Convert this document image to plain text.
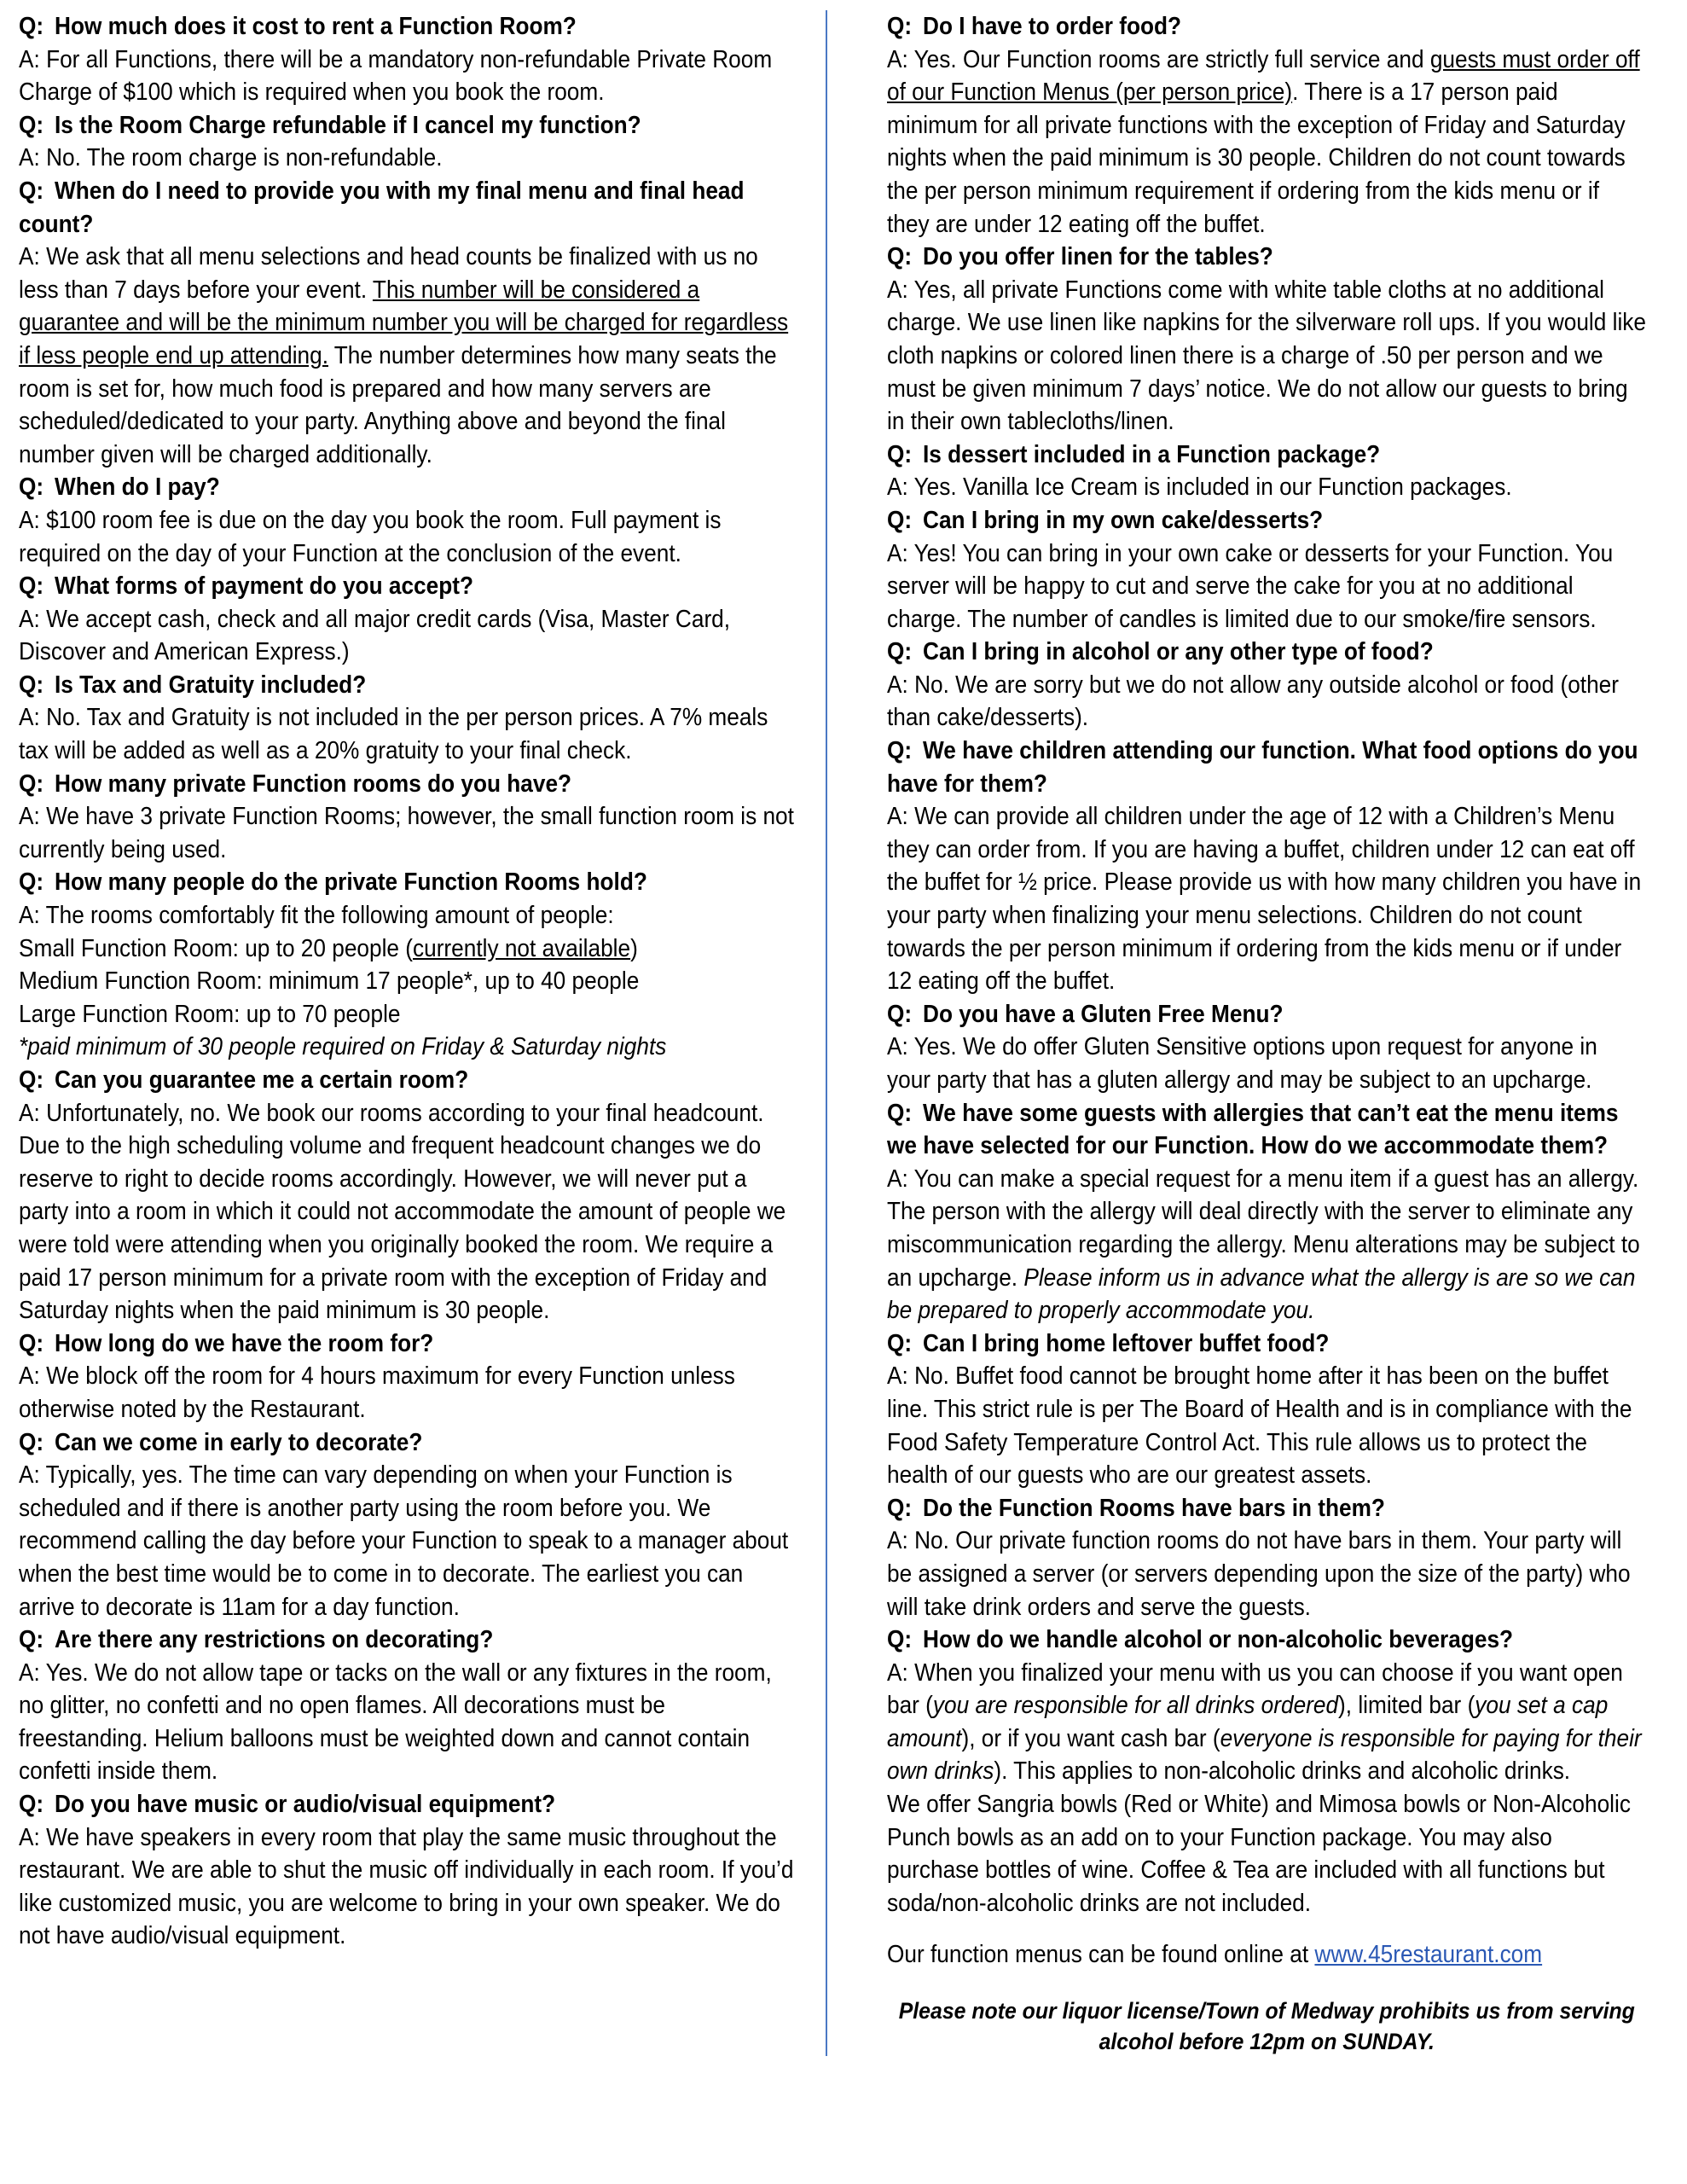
Q: How much does it cost to rent a Function Room?
A: For all Functions, there will be a mandatory non-refundable Private Room Charge of $100 which is required when you book the room.
Q: Is the Room Charge refundable if I cancel my function?
A: No. The room charge is non-refundable.
Q: When do I need to provide you with my final menu and final head count?
A: We ask that all menu selections and head counts be finalized with us no less than 7 days before your event. This number will be considered a guarantee and will be the minimum number you will be charged for regardless if less people end up attending. The number determines how many seats the room is set for, how much food is prepared and how many servers are scheduled/dedicated to your party. Anything above and beyond the final number given will be charged additionally.
Q: When do I pay?
A: $100 room fee is due on the day you book the room. Full payment is required on the day of your Function at the conclusion of the event.
Q: What forms of payment do you accept?
A: We accept cash, check and all major credit cards (Visa, Master Card, Discover and American Express.)
Q: Is Tax and Gratuity included?
A: No. Tax and Gratuity is not included in the per person prices. A 7% meals tax will be added as well as a 20% gratuity to your final check.
Q: How many private Function rooms do you have?
A: We have 3 private Function Rooms; however, the small function room is not currently being used.
Q: How many people do the private Function Rooms hold?
A: The rooms comfortably fit the following amount of people:
Small Function Room: up to 20 people (currently not available)
Medium Function Room: minimum 17 people*, up to 40 people
Large Function Room: up to 70 people
*paid minimum of 30 people required on Friday & Saturday nights
Q: Can you guarantee me a certain room?
A: Unfortunately, no. We book our rooms according to your final headcount. Due to the high scheduling volume and frequent headcount changes we do reserve to right to decide rooms accordingly. However, we will never put a party into a room in which it could not accommodate the amount of people we were told were attending when you originally booked the room. We require a paid 17 person minimum for a private room with the exception of Friday and Saturday nights when the paid minimum is 30 people.
Q: How long do we have the room for?
A: We block off the room for 4 hours maximum for every Function unless otherwise noted by the Restaurant.
Q: Can we come in early to decorate?
A: Typically, yes. The time can vary depending on when your Function is scheduled and if there is another party using the room before you. We recommend calling the day before your Function to speak to a manager about when the best time would be to come in to decorate. The earliest you can arrive to decorate is 11am for a day function.
Q: Are there any restrictions on decorating?
A: Yes. We do not allow tape or tacks on the wall or any fixtures in the room, no glitter, no confetti and no open flames. All decorations must be freestanding. Helium balloons must be weighted down and cannot contain confetti inside them.
Q: Do you have music or audio/visual equipment?
A: We have speakers in every room that play the same music throughout the restaurant. We are able to shut the music off individually in each room. If you’d like customized music, you are welcome to bring in your own speaker. We do not have audio/visual equipment.
Q: Do I have to order food?
A: Yes. Our Function rooms are strictly full service and guests must order off of our Function Menus (per person price). There is a 17 person paid minimum for all private functions with the exception of Friday and Saturday nights when the paid minimum is 30 people. Children do not count towards the per person minimum requirement if ordering from the kids menu or if they are under 12 eating off the buffet.
Q: Do you offer linen for the tables?
A: Yes, all private Functions come with white table cloths at no additional charge. We use linen like napkins for the silverware roll ups. If you would like cloth napkins or colored linen there is a charge of .50 per person and we must be given minimum 7 days’ notice. We do not allow our guests to bring in their own tablecloths/linen.
Q: Is dessert included in a Function package?
A: Yes. Vanilla Ice Cream is included in our Function packages.
Q: Can I bring in my own cake/desserts?
A: Yes! You can bring in your own cake or desserts for your Function. You server will be happy to cut and serve the cake for you at no additional charge. The number of candles is limited due to our smoke/fire sensors.
Q: Can I bring in alcohol or any other type of food?
A: No. We are sorry but we do not allow any outside alcohol or food (other than cake/desserts).
Q: We have children attending our function. What food options do you have for them?
A: We can provide all children under the age of 12 with a Children’s Menu they can order from. If you are having a buffet, children under 12 can eat off the buffet for ½ price. Please provide us with how many children you have in your party when finalizing your menu selections. Children do not count towards the per person minimum if ordering from the kids menu or if under 12 eating off the buffet.
Q: Do you have a Gluten Free Menu?
A: Yes. We do offer Gluten Sensitive options upon request for anyone in your party that has a gluten allergy and may be subject to an upcharge.
Q: We have some guests with allergies that can’t eat the menu items we have selected for our Function. How do we accommodate them?
A: You can make a special request for a menu item if a guest has an allergy. The person with the allergy will deal directly with the server to eliminate any miscommunication regarding the allergy. Menu alterations may be subject to an upcharge. Please inform us in advance what the allergy is are so we can be prepared to properly accommodate you.
Q: Can I bring home leftover buffet food?
A: No. Buffet food cannot be brought home after it has been on the buffet line. This strict rule is per The Board of Health and is in compliance with the Food Safety Temperature Control Act. This rule allows us to protect the health of our guests who are our greatest assets.
Q: Do the Function Rooms have bars in them?
A: No. Our private function rooms do not have bars in them. Your party will be assigned a server (or servers depending upon the size of the party) who will take drink orders and serve the guests.
Q: How do we handle alcohol or non-alcoholic beverages?
A: When you finalized your menu with us you can choose if you want open bar (you are responsible for all drinks ordered), limited bar (you set a cap amount), or if you want cash bar (everyone is responsible for paying for their own drinks). This applies to non-alcoholic drinks and alcoholic drinks.
We offer Sangria bowls (Red or White) and Mimosa bowls or Non-Alcoholic Punch bowls as an add on to your Function package. You may also purchase bottles of wine. Coffee & Tea are included with all functions but soda/non-alcoholic drinks are not included.
Our function menus can be found online at www.45restaurant.com
Please note our liquor license/Town of Medway prohibits us from serving alcohol before 12pm on SUNDAY.
